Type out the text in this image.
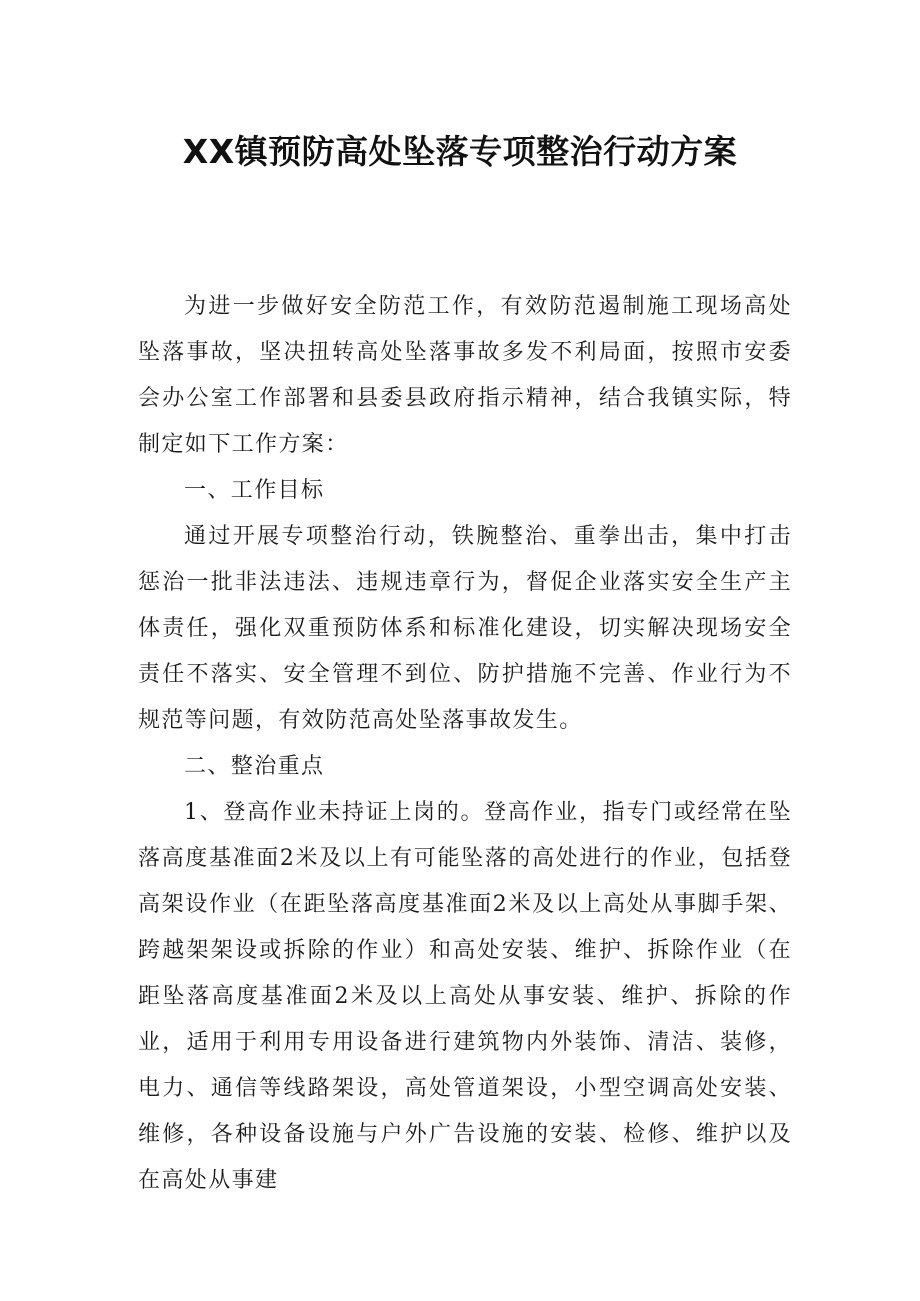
XX镇预防高处坠落专项整治行动方案

为进一步做好安全防范工作，有效防范遏制施工现场高处坠落事故，坚决扭转高处坠落事故多发不利局面，按照市安委会办公室工作部署和县委县政府指示精神，结合我镇实际，特制定如下工作方案：

一、工作目标

通过开展专项整治行动，铁腕整治、重拳出击，集中打击惩治一批非法违法、违规违章行为，督促企业落实安全生产主体责任，强化双重预防体系和标准化建设，切实解决现场安全责任不落实、安全管理不到位、防护措施不完善、作业行为不规范等问题，有效防范高处坠落事故发生。

二、整治重点

1、登高作业未持证上岗的。登高作业，指专门或经常在坠落高度基准面2米及以上有可能坠落的高处进行的作业，包括登高架设作业（在距坠落高度基准面2米及以上高处从事脚手架、跨越架架设或拆除的作业）和高处安装、维护、拆除作业（在距坠落高度基准面2米及以上高处从事安装、维护、拆除的作业，适用于利用专用设备进行建筑物内外装饰、清洁、装修，电力、通信等线路架设，高处管道架设，小型空调高处安装、维修，各种设备设施与户外广告设施的安装、检修、维护以及在高处从事建
